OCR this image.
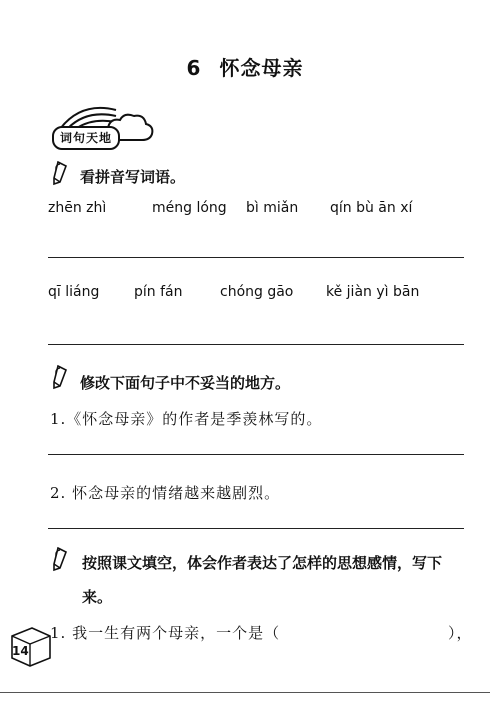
6 怀念母亲
词句天地
看拼音写词语。
zhēn zhì	méng lóng bì miǎn qín bù ān xí
qī liáng pín fán	chóng gāo kě jiàn yì bān
修改下面句子中不妥当的地方。
1.《怀念母亲》的作者是季羡林写的。
2. 怀念母亲的情绪越来越剧烈。
按照课文填空，体会作者表达了怎样的思想感情，写下来。
1. 我一生有两个母亲，一个是（	），
14
